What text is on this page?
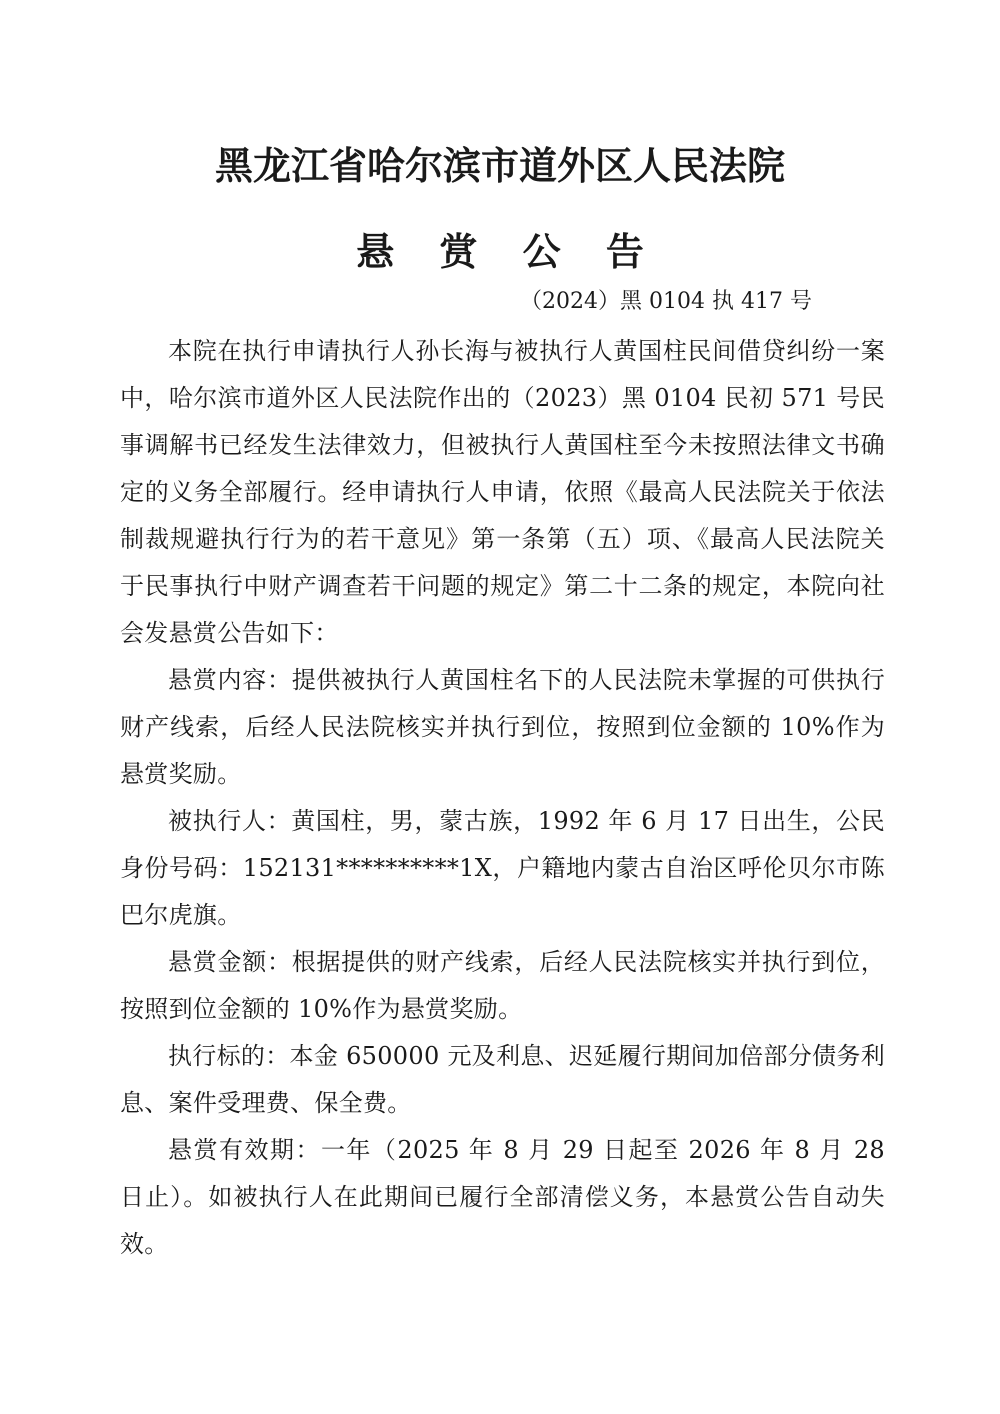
黑龙江省哈尔滨市道外区人民法院
悬 赏 公 告
（2024）黑 0104 执 417 号

本院在执行申请执行人孙长海与被执行人黄国柱民间借贷纠纷一案中，哈尔滨市道外区人民法院作出的（2023）黑 0104 民初 571 号民事调解书已经发生法律效力，但被执行人黄国柱至今未按照法律文书确定的义务全部履行。经申请执行人申请，依照《最高人民法院关于依法制裁规避执行行为的若干意见》第一条第（五）项、《最高人民法院关于民事执行中财产调查若干问题的规定》第二十二条的规定，本院向社会发悬赏公告如下：

悬赏内容：提供被执行人黄国柱名下的人民法院未掌握的可供执行财产线索，后经人民法院核实并执行到位，按照到位金额的 10%作为悬赏奖励。

被执行人：黄国柱，男，蒙古族，1992 年 6 月 17 日出生，公民身份号码：152131**********1X，户籍地内蒙古自治区呼伦贝尔市陈巴尔虎旗。

悬赏金额：根据提供的财产线索，后经人民法院核实并执行到位，按照到位金额的 10%作为悬赏奖励。

执行标的：本金 650000 元及利息、迟延履行期间加倍部分债务利息、案件受理费、保全费。

悬赏有效期：一年（2025 年 8 月 29 日起至 2026 年 8 月 28 日止）。如被执行人在此期间已履行全部清偿义务，本悬赏公告自动失效。
